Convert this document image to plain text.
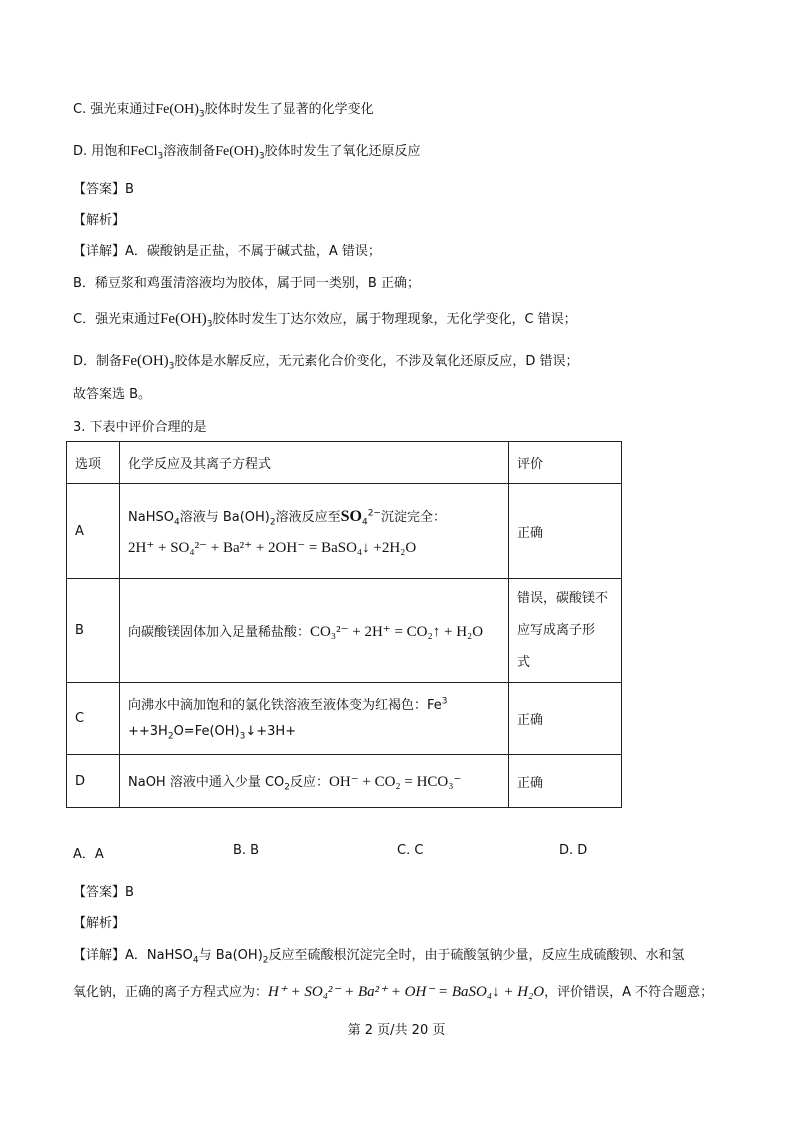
C. 强光束通过$Fe(OH)_3$胶体时发生了显著的化学变化
D. 用饱和FeCl$_3$溶液制备$Fe(OH)_3$胶体时发生了氧化还原反应
【答案】B
【解析】
【详解】A．碳酸钠是正盐，不属于碱式盐，A 错误；
B．稀豆浆和鸡蛋清溶液均为胶体，属于同一类别，B 正确；
C．强光束通过$Fe(OH)_3$胶体时发生丁达尔效应，属于物理现象，无化学变化，C 错误；
D．制备$Fe(OH)_3$胶体是水解反应，无元素化合价变化，不涉及氧化还原反应，D 错误；
故答案选 B。
3. 下表中评价合理的是
选项	化学反应及其离子方程式	评价
A	NaHSO$_4$溶液与 $Ba(OH)_2$溶液反应至$SO_4^{2-}$沉淀完全：
2H⁺ + SO₄²⁻ + Ba²⁺ + 2OH⁻ = BaSO₄↓ +2H₂O	正确
B	向碳酸镁固体加入足量稀盐酸：CO₃²⁻ + 2H⁺ = CO₂↑ + H₂O	错误，碳酸镁不
应写成离子形
式

C	向沸水中滴加饱和的氯化铁溶液至液体变为红褐色：$Fe^3$
$++3H_2O=Fe(OH)_3↓+3H+$	正确
D	NaOH 溶液中通入少量 $CO_2$反应：OH⁻ + CO₂ = HCO₃⁻	正确
A．A	B. B	C. C	D. D
【答案】B
【解析】
【详解】A．NaHSO$_4$与 $Ba(OH)_2$反应至硫酸根沉淀完全时，由于硫酸氢钠少量，反应生成硫酸钡、水和氢
氧化钠，正确的离子方程式应为：H⁺ + SO₄²⁻ + Ba²⁺ + OH⁻ = BaSO₄↓ + H₂O，评价错误，A 不符合题意；
第 2 页/共 20 页
